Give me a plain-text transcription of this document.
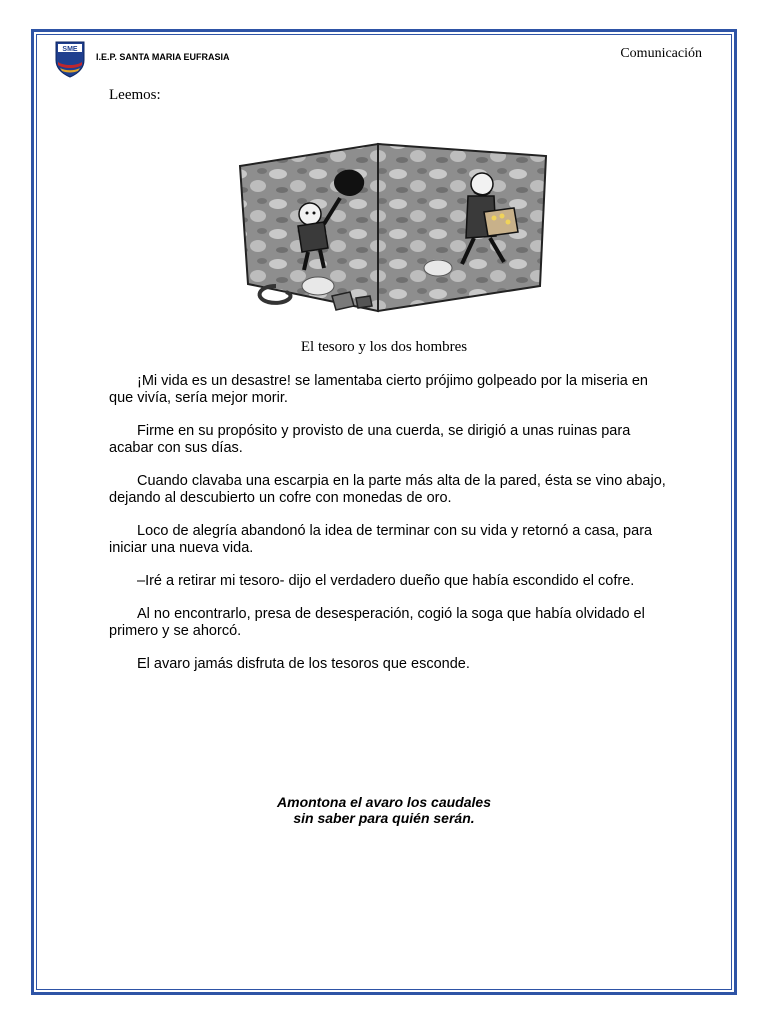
SME
I.E.P. SANTA MARIA EUFRASIA	Comunicación
Leemos:
El tesoro y los dos hombres

¡Mi vida es un desastre! se lamentaba cierto prójimo golpeado por la miseria en que vivía, sería mejor morir.

Firme en su propósito y provisto de una cuerda, se dirigió a unas ruinas para acabar con sus días.

Cuando clavaba una escarpia en la parte más alta de la pared, ésta se vino abajo, dejando al descubierto un cofre con monedas de oro.

Loco de alegría abandonó la idea de terminar con su vida y retornó a casa, para iniciar una nueva vida.

–Iré a retirar mi tesoro- dijo el verdadero dueño que había escondido el cofre.

Al no encontrarlo, presa de desesperación, cogió la soga que había olvidado el primero y se ahorcó.

El avaro jamás disfruta de los tesoros que esconde.

Amontona el avaro los caudales
sin saber para quién serán.
